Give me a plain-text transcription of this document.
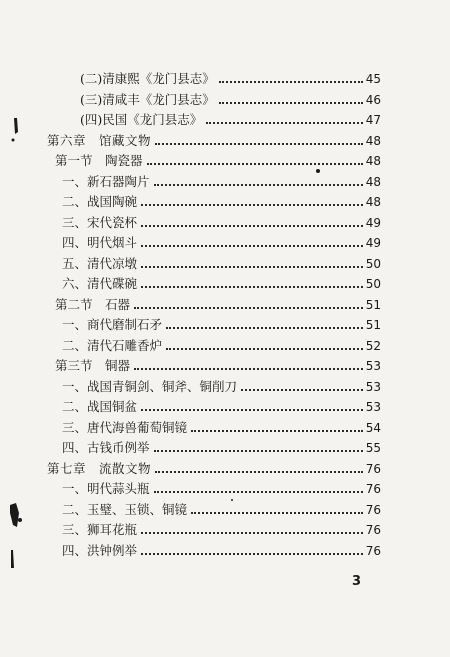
(二)清康熙《龙门县志》	45
(三)清咸丰《龙门县志》	46
(四)民国《龙门县志》	47
第六章　馆藏文物	48
第一节　陶瓷器	48
一、新石器陶片	48
二、战国陶碗	48
三、宋代瓷杯	49
四、明代烟斗	49
五、清代凉墩	50
六、清代碟碗	50
第二节　石器	51
一、商代磨制石矛	51
二、清代石雕香炉	52
第三节　铜器	53
一、战国青铜剑、铜斧、铜削刀	53
二、战国铜盆	53
三、唐代海兽葡萄铜镜	54
四、古钱币例举	55
第七章　流散文物	76
一、明代蒜头瓶	76
二、玉璧、玉锁、铜镜	76
三、狮耳花瓶	76
四、洪钟例举	76
3
